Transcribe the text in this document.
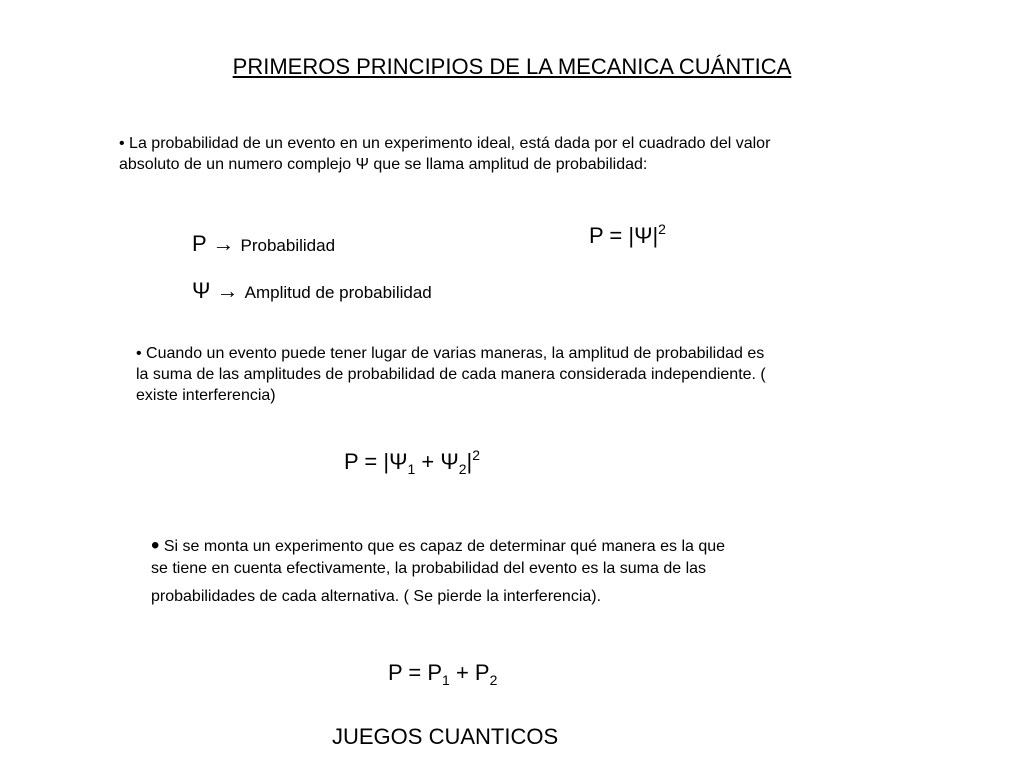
PRIMEROS PRINCIPIOS DE LA MECANICA CUÁNTICA
• La probabilidad de un evento en un experimento ideal, está dada por el cuadrado del valor
absoluto de un numero complejo Ψ que se llama amplitud de probabilidad:
P → Probabilidad
Ψ → Amplitud de probabilidad
$P = |\Psi|^2$
• Cuando un evento puede tener lugar de varias maneras, la amplitud de probabilidad es
la suma de las amplitudes de probabilidad de cada manera considerada independiente. (
existe interferencia)
$P = |\Psi_1 + \Psi_2|^2$
• Si se monta un experimento que es capaz de determinar qué manera es la que
se tiene en cuenta efectivamente, la probabilidad del evento es la suma de las
probabilidades de cada alternativa. ( Se pierde la interferencia).
$P = P_1 + P_2$
JUEGOS CUANTICOS
